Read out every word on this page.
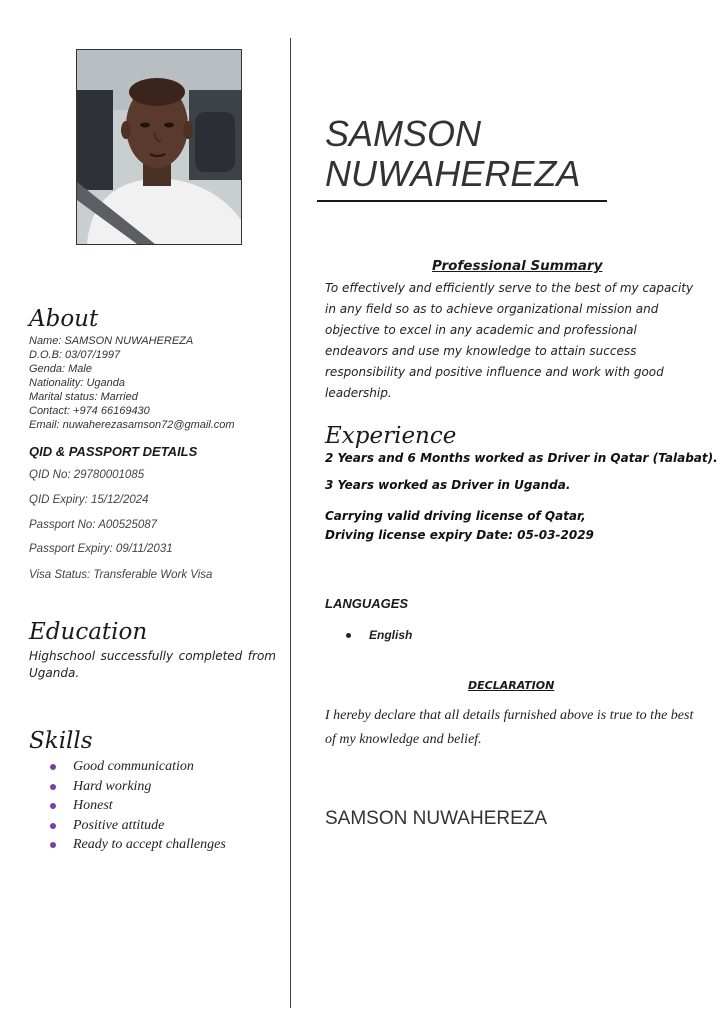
About
Name: SAMSON NUWAHEREZA
D.O.B: 03/07/1997
Genda: Male
Nationality: Uganda
Marital status: Married
Contact: +974 66169430
Email: nuwaherezasamson72@gmail.com
QID & PASSPORT DETAILS
QID No: 29780001085
QID Expiry: 15/12/2024
Passport No: A00525087
Passport Expiry: 09/11/2031
Visa Status: Transferable Work Visa
Education
Highschool successfully completed from
Uganda.
Skills
Good communication
Hard working
Honest
Positive attitude
Ready to accept challenges
SAMSON
NUWAHEREZA
Professional Summary
To effectively and efficiently serve to the best of my capacity in any field so as to achieve organizational mission and objective to excel in any academic and professional endeavors and use my knowledge to attain success responsibility and positive influence and work with good leadership.
Experience
2 Years and 6 Months worked as Driver in Qatar (Talabat).
3 Years worked as Driver in Uganda.
Carrying valid driving license of Qatar,
Driving license expiry Date: 05-03-2029
LANGUAGES
English
DECLARATION
I hereby declare that all details furnished above is true to the best of my knowledge and belief.
SAMSON NUWAHEREZA
